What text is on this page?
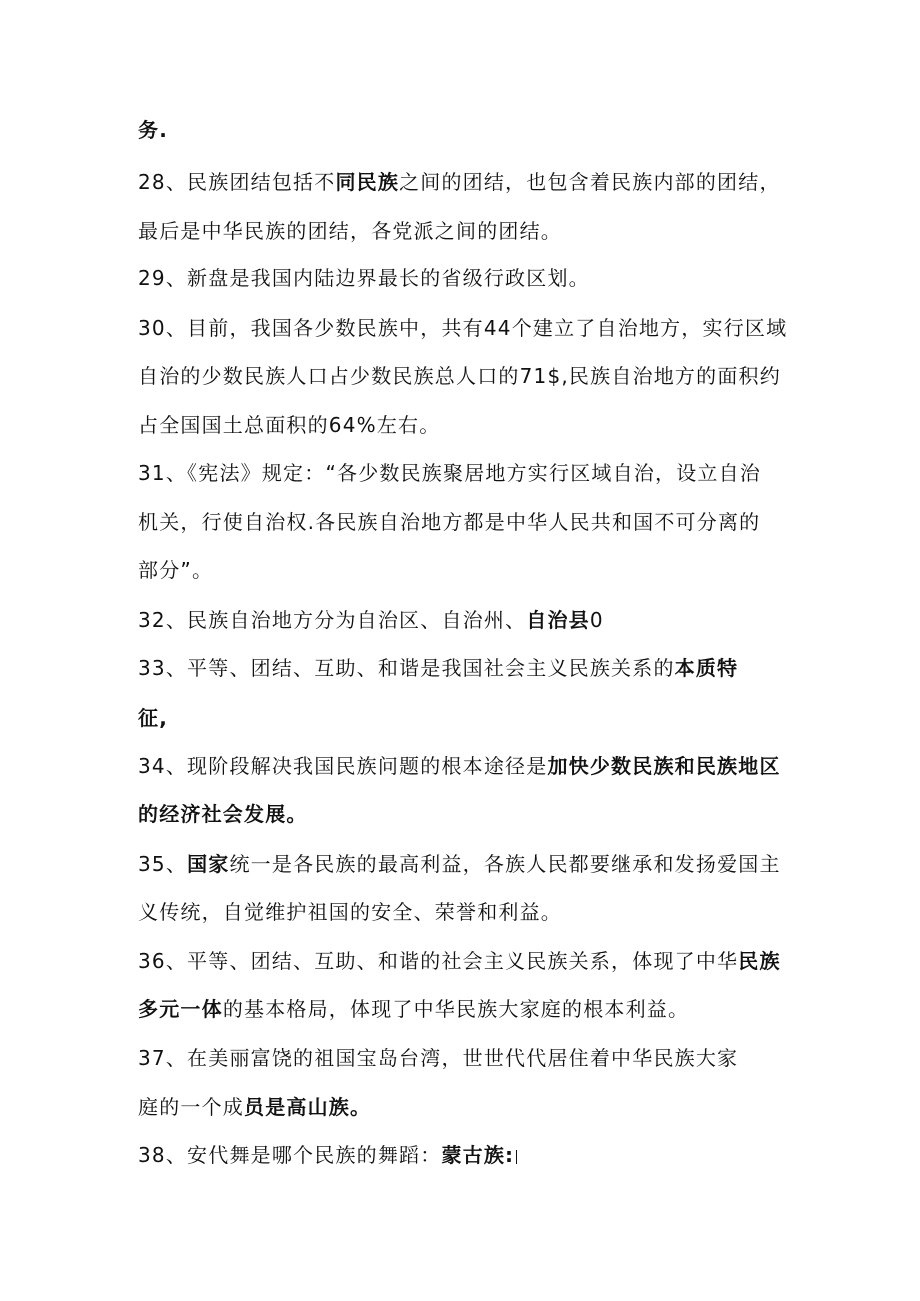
务.
28、民族团结包括不同民族之间的团结，也包含着民族内部的团结，
最后是中华民族的团结，各党派之间的团结。
29、新盘是我国内陆边界最长的省级行政区划。
30、目前，我国各少数民族中，共有44个建立了自治地方，实行区域
自治的少数民族人口占少数民族总人口的71$,民族自治地方的面积约
占全国国土总面积的64%左右。
31、《宪法》规定：“各少数民族聚居地方实行区域自治，设立自治
机关，行使自治权.各民族自治地方都是中华人民共和国不可分离的
部分”。
32、民族自治地方分为自治区、自治州、自治县0
33、平等、团结、互助、和谐是我国社会主义民族关系的本质特
征,
34、现阶段解决我国民族问题的根本途径是加快少数民族和民族地区
的经济社会发展。
35、国家统一是各民族的最高利益，各族人民都要继承和发扬爱国主
义传统，自觉维护祖国的安全、荣誉和利益。
36、平等、团结、互助、和谐的社会主义民族关系，体现了中华民族
多元一体的基本格局，体现了中华民族大家庭的根本利益。
37、在美丽富饶的祖国宝岛台湾，世世代代居住着中华民族大家
庭的一个成员是高山族。
38、安代舞是哪个民族的舞蹈：蒙古族:
